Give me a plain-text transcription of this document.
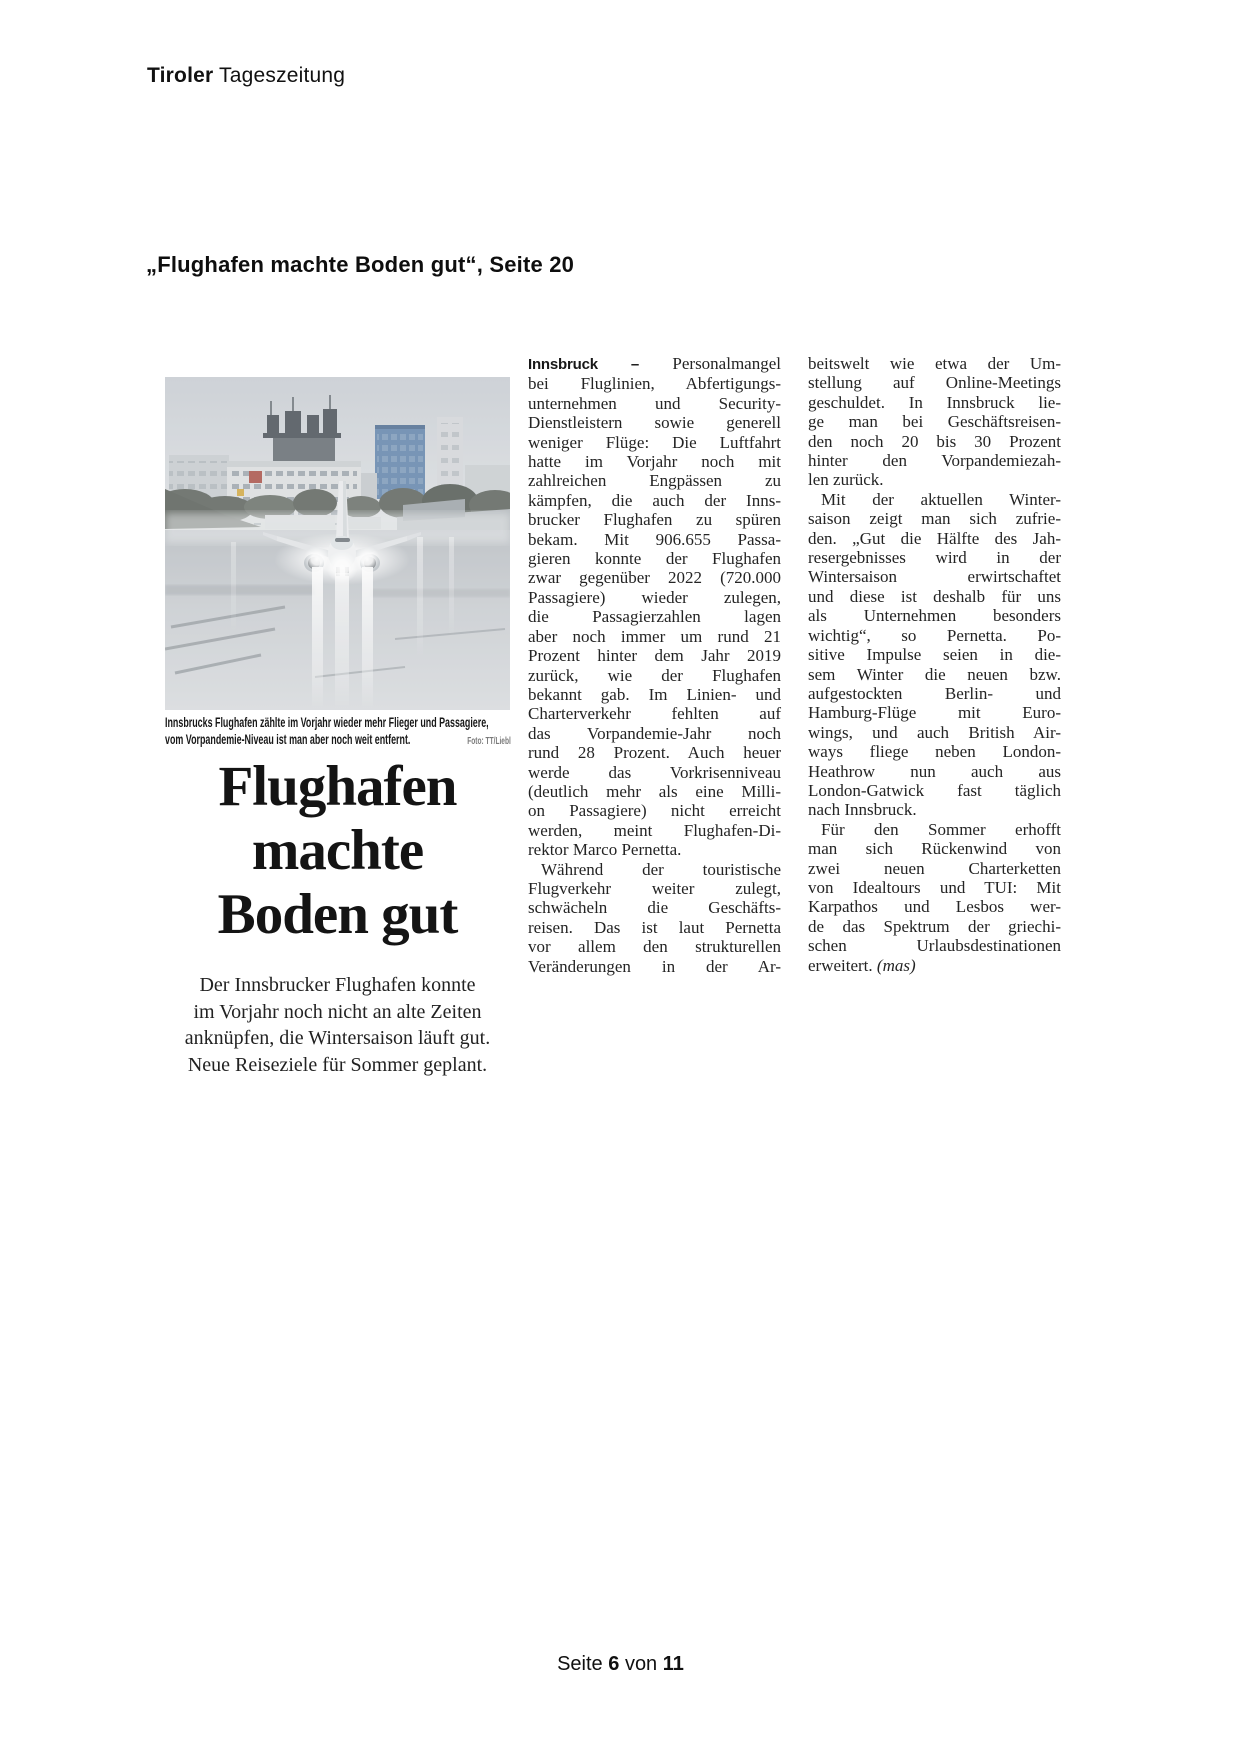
Tiroler Tageszeitung
„Flughafen machte Boden gut“, Seite 20
Innsbrucks Flughafen zählte im Vorjahr wieder mehr Flieger und Passagiere,
vom Vorpandemie-Niveau ist man aber noch weit entfernt.	Foto: TT/Liebl
Flughafen
machte
Boden gut
Der Innsbrucker Flughafen konnte
im Vorjahr noch nicht an alte Zeiten
anknüpfen, die Wintersaison läuft gut.
Neue Reiseziele für Sommer geplant.
Innsbruck – Personalmangel
bei Fluglinien, Abfertigungs-
unternehmen und Security-
Dienstleistern sowie generell
weniger Flüge: Die Luftfahrt
hatte im Vorjahr noch mit
zahlreichen Engpässen zu
kämpfen, die auch der Inns-
brucker Flughafen zu spüren
bekam. Mit 906.655 Passa-
gieren konnte der Flughafen
zwar gegenüber 2022 (720.000
Passagiere) wieder zulegen,
die Passagierzahlen lagen
aber noch immer um rund 21
Prozent hinter dem Jahr 2019
zurück, wie der Flughafen
bekannt gab. Im Linien- und
Charterverkehr fehlten auf
das Vorpandemie-Jahr noch
rund 28 Prozent. Auch heuer
werde das Vorkrisenniveau
(deutlich mehr als eine Milli-
on Passagiere) nicht erreicht
werden, meint Flughafen-Di-
rektor Marco Pernetta.
Während der touristische
Flugverkehr weiter zulegt,
schwächeln die Geschäfts-
reisen. Das ist laut Pernetta
vor allem den strukturellen
Veränderungen in der Ar-
beitswelt wie etwa der Um-
stellung auf Online-Meetings
geschuldet. In Innsbruck lie-
ge man bei Geschäftsreisen-
den noch 20 bis 30 Prozent
hinter den Vorpandemiezah-
len zurück.
Mit der aktuellen Winter-
saison zeigt man sich zufrie-
den. „Gut die Hälfte des Jah-
resergebnisses wird in der
Wintersaison erwirtschaftet
und diese ist deshalb für uns
als Unternehmen besonders
wichtig“, so Pernetta. Po-
sitive Impulse seien in die-
sem Winter die neuen bzw.
aufgestockten Berlin- und
Hamburg-Flüge mit Euro-
wings, und auch British Air-
ways fliege neben London-
Heathrow nun auch aus
London-Gatwick fast täglich
nach Innsbruck.
Für den Sommer erhofft
man sich Rückenwind von
zwei neuen Charterketten
von Idealtours und TUI: Mit
Karpathos und Lesbos wer-
de das Spektrum der griechi-
schen Urlaubsdestinationen
erweitert. (mas)
Seite 6 von 11
